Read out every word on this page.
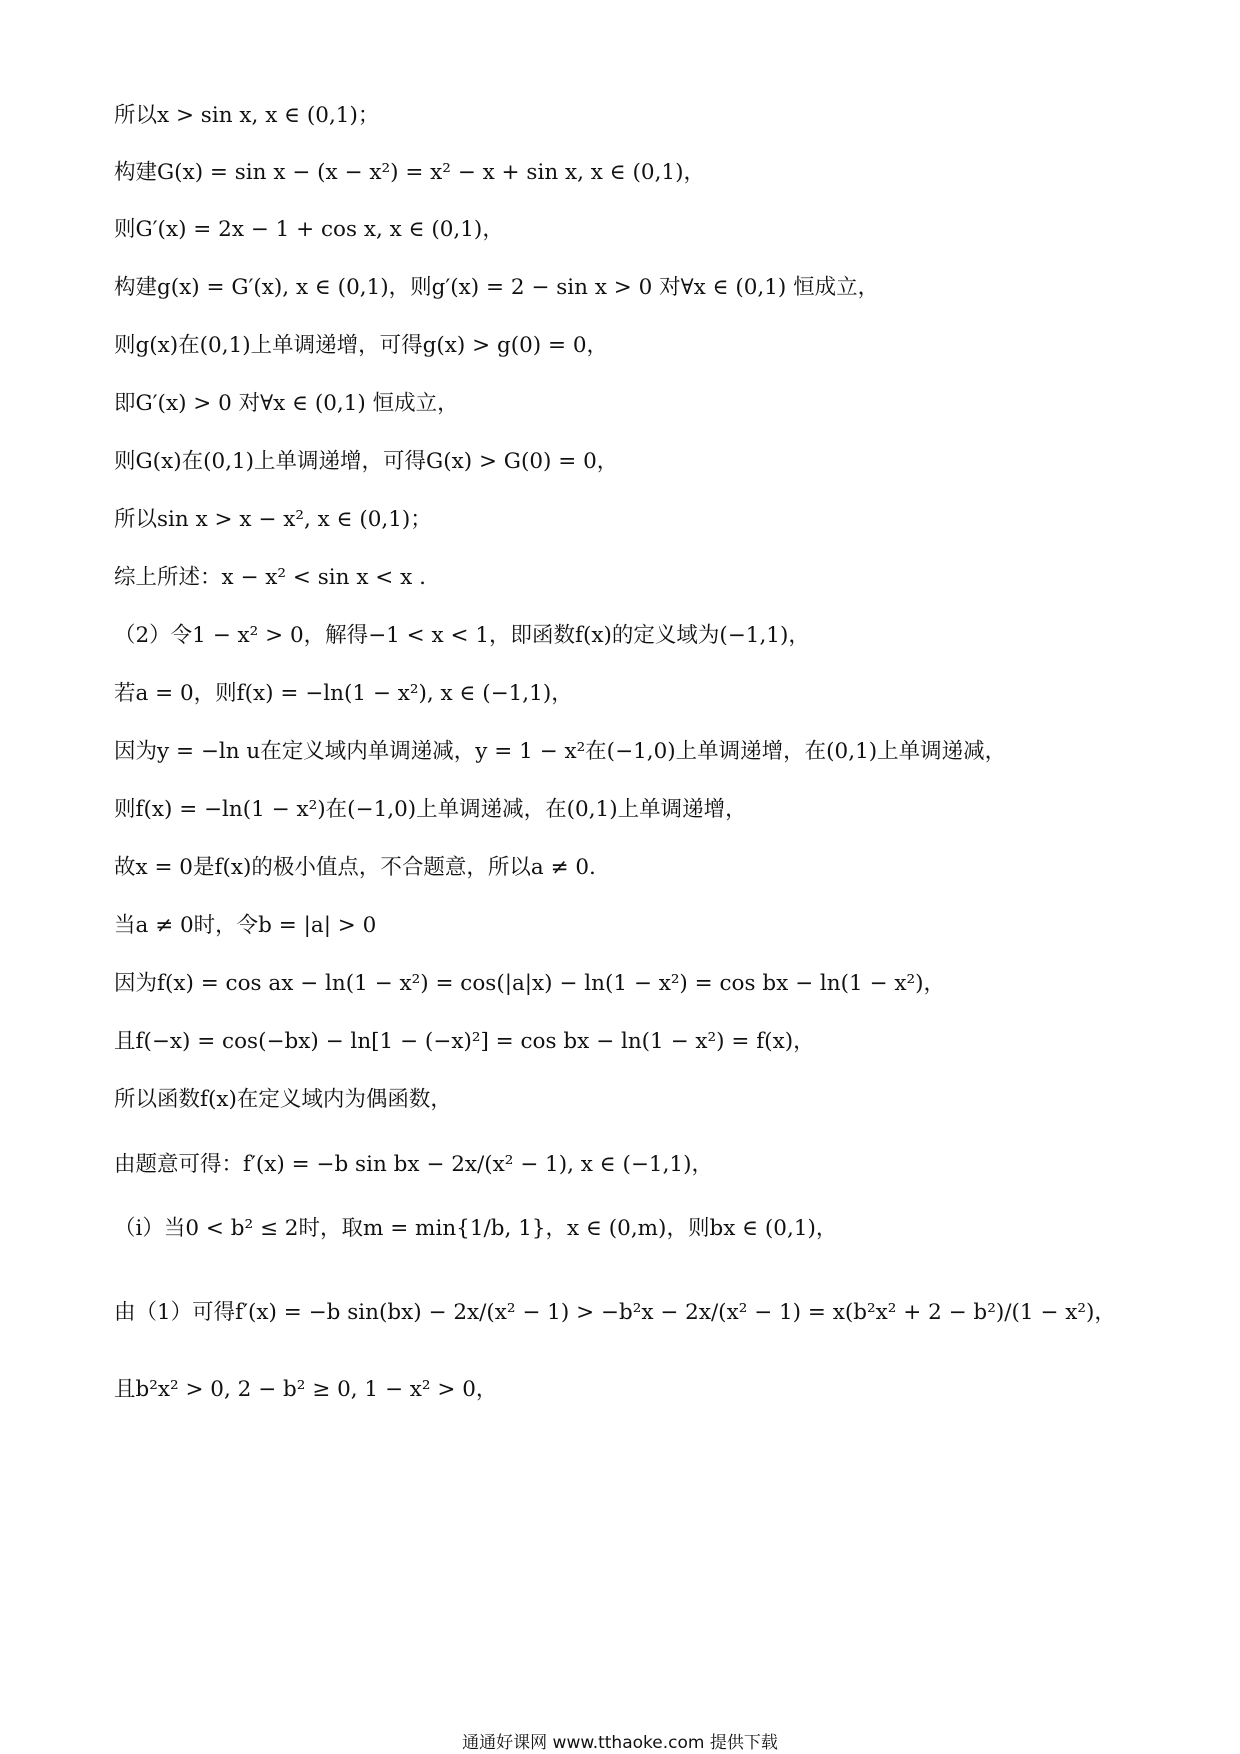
所以x > sin x, x ∈ (0,1)；
构建G(x) = sin x − (x − x²) = x² − x + sin x, x ∈ (0,1)，
则G′(x) = 2x − 1 + cos x, x ∈ (0,1)，
构建g(x) = G′(x), x ∈ (0,1)，则g′(x) = 2 − sin x > 0 对∀x ∈ (0,1) 恒成立，
则g(x)在(0,1)上单调递增，可得g(x) > g(0) = 0，
即G′(x) > 0 对∀x ∈ (0,1) 恒成立，
则G(x)在(0,1)上单调递增，可得G(x) > G(0) = 0，
所以sin x > x − x², x ∈ (0,1)；
综上所述：x − x² < sin x < x .
（2）令1 − x² > 0，解得−1 < x < 1，即函数f(x)的定义域为(−1,1)，
若a = 0，则f(x) = −ln(1 − x²), x ∈ (−1,1)，
因为y = −ln u在定义域内单调递减，y = 1 − x²在(−1,0)上单调递增，在(0,1)上单调递减，
则f(x) = −ln(1 − x²)在(−1,0)上单调递减，在(0,1)上单调递增，
故x = 0是f(x)的极小值点，不合题意，所以a ≠ 0.
当a ≠ 0时，令b = |a| > 0
因为f(x) = cos ax − ln(1 − x²) = cos(|a|x) − ln(1 − x²) = cos bx − ln(1 − x²)，
且f(−x) = cos(−bx) − ln[1 − (−x)²] = cos bx − ln(1 − x²) = f(x)，
所以函数f(x)在定义域内为偶函数，
由题意可得：f′(x) = −b sin bx − 2x/(x² − 1), x ∈ (−1,1)，
（i）当0 < b² ≤ 2时，取m = min{1/b, 1}，x ∈ (0,m)，则bx ∈ (0,1)，
由（1）可得f′(x) = −b sin(bx) − 2x/(x² − 1) > −b²x − 2x/(x² − 1) = x(b²x² + 2 − b²)/(1 − x²)，
且b²x² > 0, 2 − b² ≥ 0, 1 − x² > 0，
通通好课网 www.tthaoke.com 提供下载
